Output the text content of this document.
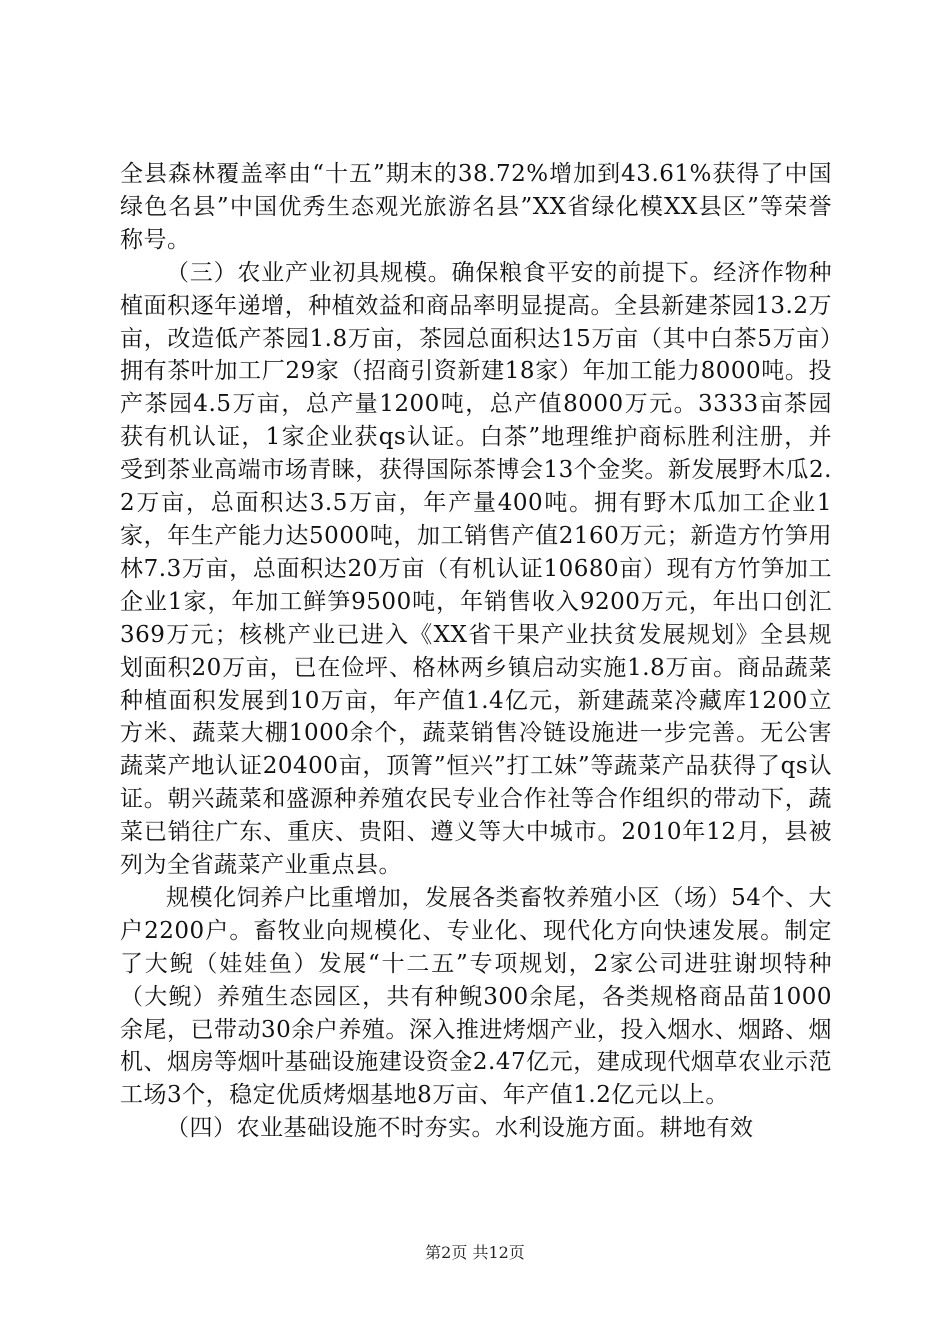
全县森林覆盖率由“十五”期末的38.72%增加到43.61%获得了中国绿色名县”中国优秀生态观光旅游名县”XX省绿化模XX县区”等荣誉称号。

（三）农业产业初具规模。确保粮食平安的前提下。经济作物种植面积逐年递增，种植效益和商品率明显提高。全县新建茶园13.2万亩，改造低产茶园1.8万亩，茶园总面积达15万亩（其中白茶5万亩）拥有茶叶加工厂29家（招商引资新建18家）年加工能力8000吨。投产茶园4.5万亩，总产量1200吨，总产值8000万元。3333亩茶园获有机认证，1家企业获qs认证。白茶”地理维护商标胜利注册，并受到茶业高端市场青睐，获得国际茶博会13个金奖。新发展野木瓜2.2万亩，总面积达3.5万亩，年产量400吨。拥有野木瓜加工企业1家，年生产能力达5000吨，加工销售产值2160万元；新造方竹笋用林7.3万亩，总面积达20万亩（有机认证10680亩）现有方竹笋加工企业1家，年加工鲜笋9500吨，年销售收入9200万元，年出口创汇369万元；核桃产业已进入《XX省干果产业扶贫发展规划》全县规划面积20万亩，已在俭坪、格林两乡镇启动实施1.8万亩。商品蔬菜种植面积发展到10万亩，年产值1.4亿元，新建蔬菜冷藏库1200立方米、蔬菜大棚1000余个，蔬菜销售冷链设施进一步完善。无公害蔬菜产地认证20400亩，顶箐”恒兴”打工妹”等蔬菜产品获得了qs认证。朝兴蔬菜和盛源种养殖农民专业合作社等合作组织的带动下，蔬菜已销往广东、重庆、贵阳、遵义等大中城市。2010年12月，县被列为全省蔬菜产业重点县。

规模化饲养户比重增加，发展各类畜牧养殖小区（场）54个、大户2200户。畜牧业向规模化、专业化、现代化方向快速发展。制定了大鲵（娃娃鱼）发展“十二五”专项规划，2家公司进驻谢坝特种（大鲵）养殖生态园区，共有种鲵300余尾，各类规格商品苗1000余尾，已带动30余户养殖。深入推进烤烟产业，投入烟水、烟路、烟机、烟房等烟叶基础设施建设资金2.47亿元，建成现代烟草农业示范工场3个，稳定优质烤烟基地8万亩、年产值1.2亿元以上。

（四）农业基础设施不时夯实。水利设施方面。耕地有效

第2页 共12页
